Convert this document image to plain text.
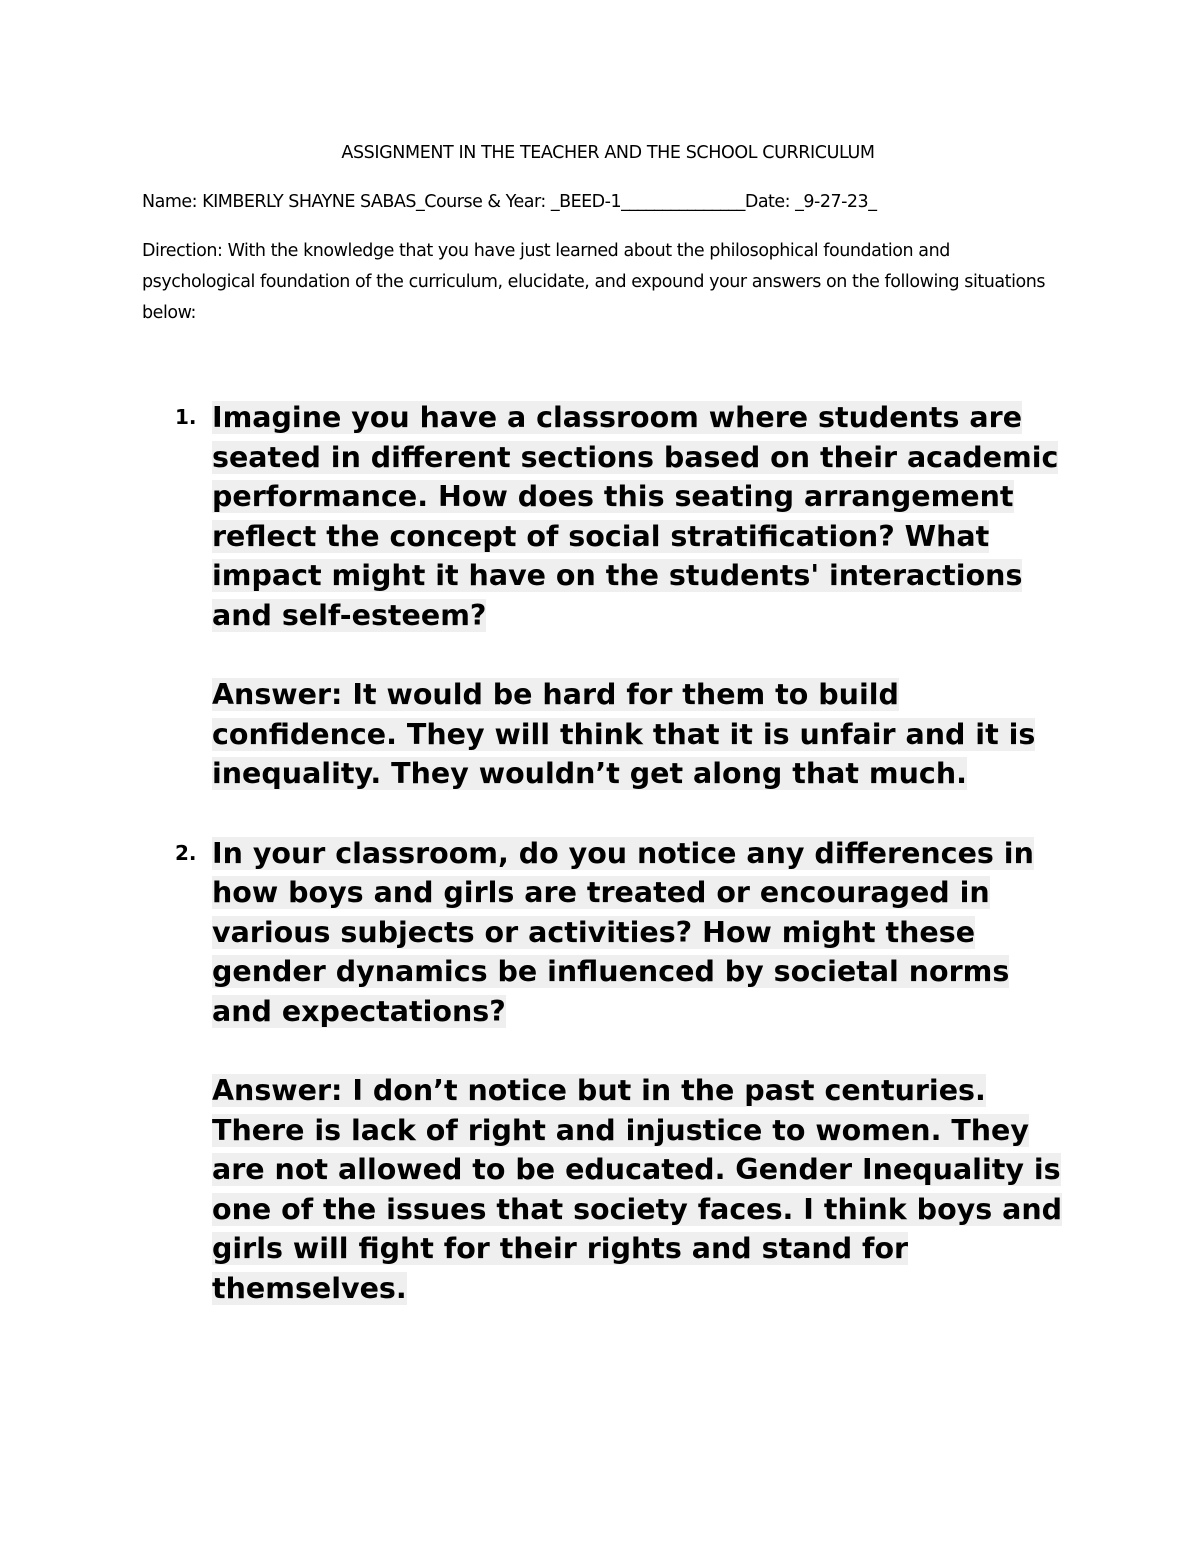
ASSIGNMENT IN THE TEACHER AND THE SCHOOL CURRICULUM
Name: KIMBERLY SHAYNE SABAS_Course & Year: _BEED-1_______________Date: _9-27-23_
Direction: With the knowledge that you have just learned about the philosophical foundation and psychological foundation of the curriculum, elucidate, and expound your answers on the following situations below:
1. Imagine you have a classroom where students are seated in different sections based on their academic performance. How does this seating arrangement reflect the concept of social stratification? What impact might it have on the students' interactions and self-esteem?
Answer: It would be hard for them to build confidence. They will think that it is unfair and it is inequality. They wouldn’t get along that much.
2. In your classroom, do you notice any differences in how boys and girls are treated or encouraged in various subjects or activities? How might these gender dynamics be influenced by societal norms and expectations?
Answer: I don’t notice but in the past centuries. There is lack of right and injustice to women. They are not allowed to be educated. Gender Inequality is one of the issues that society faces. I think boys and girls will fight for their rights and stand for themselves.
